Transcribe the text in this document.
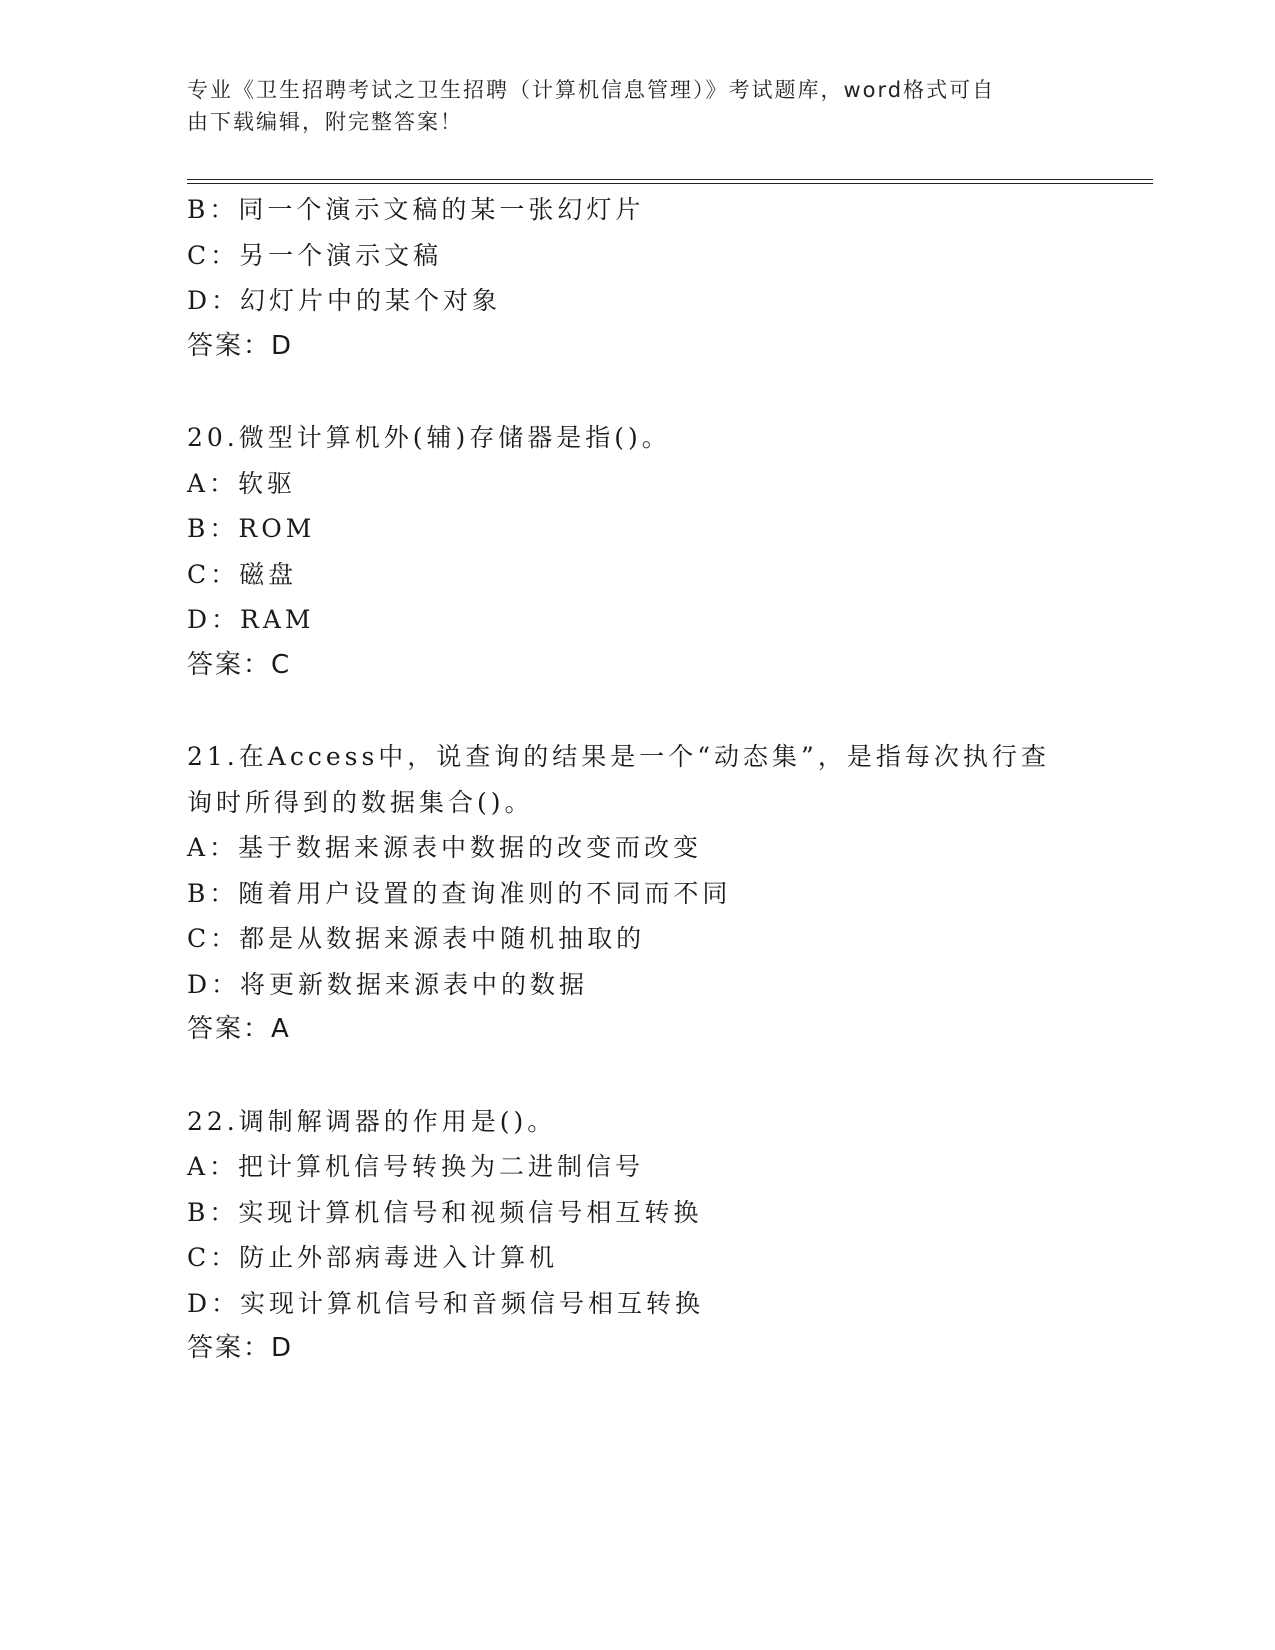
专业《卫生招聘考试之卫生招聘（计算机信息管理）》考试题库，word格式可自
由下载编辑，附完整答案！
B：同一个演示文稿的某一张幻灯片
C：另一个演示文稿
D：幻灯片中的某个对象
答案：D
20.微型计算机外(辅)存储器是指()。
A：软驱
B：ROM
C：磁盘
D：RAM
答案：C
21.在Access中，说查询的结果是一个“动态集”，是指每次执行查
询时所得到的数据集合()。
A：基于数据来源表中数据的改变而改变
B：随着用户设置的查询准则的不同而不同
C：都是从数据来源表中随机抽取的
D：将更新数据来源表中的数据
答案：A
22.调制解调器的作用是()。
A：把计算机信号转换为二进制信号
B：实现计算机信号和视频信号相互转换
C：防止外部病毒进入计算机
D：实现计算机信号和音频信号相互转换
答案：D
